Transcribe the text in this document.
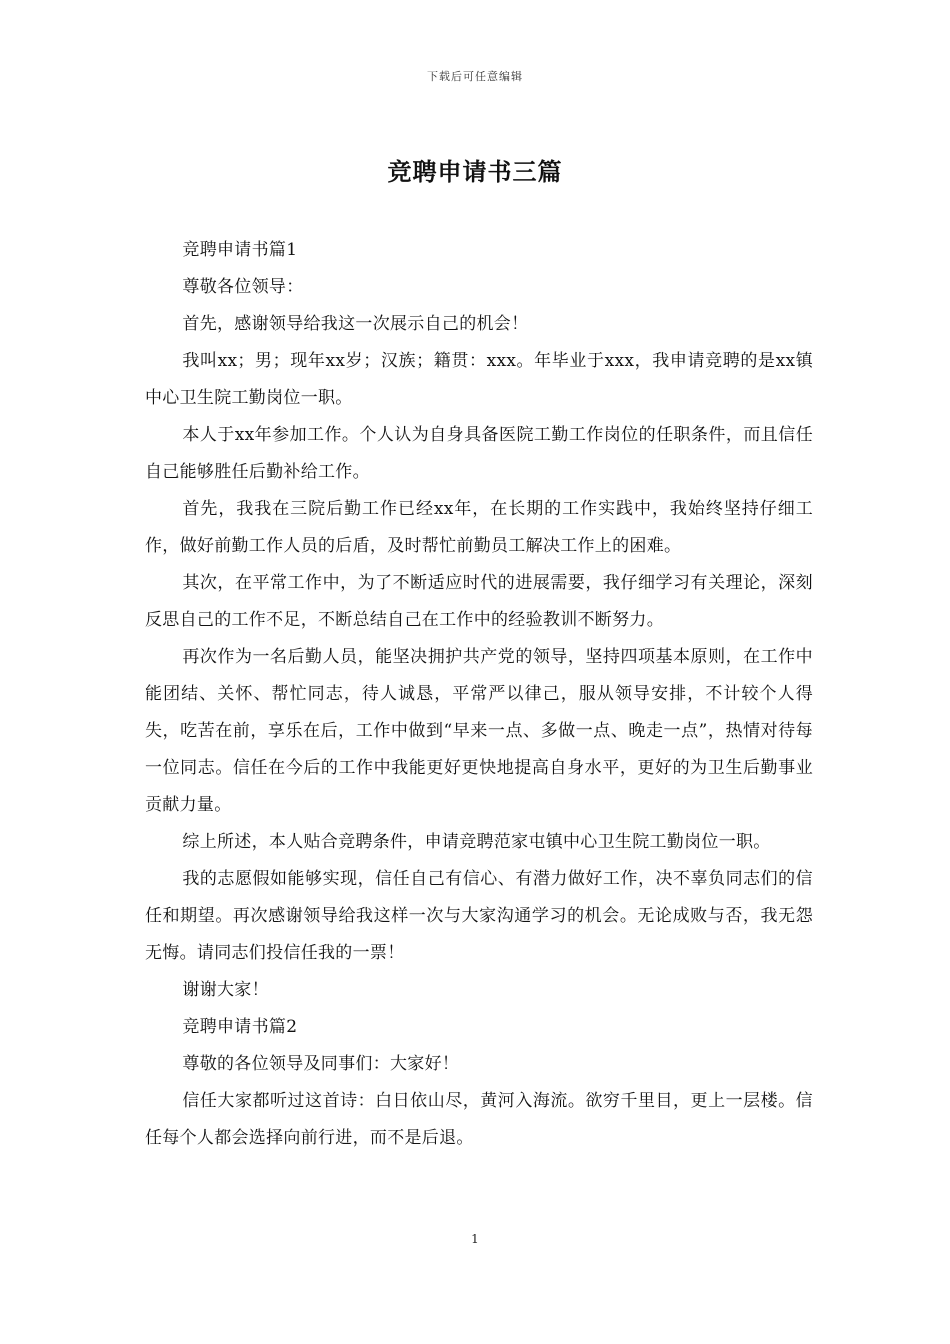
下载后可任意编辑
竞聘申请书三篇

竞聘申请书篇1

尊敬各位领导：

首先，感谢领导给我这一次展示自己的机会！

我叫xx；男；现年xx岁；汉族；籍贯：xxx。年毕业于xxx，我申请竞聘的是xx镇中心卫生院工勤岗位一职。

本人于xx年参加工作。个人认为自身具备医院工勤工作岗位的任职条件，而且信任自己能够胜任后勤补给工作。

首先，我我在三院后勤工作已经xx年，在长期的工作实践中，我始终坚持仔细工作，做好前勤工作人员的后盾，及时帮忙前勤员工解决工作上的困难。

其次，在平常工作中，为了不断适应时代的进展需要，我仔细学习有关理论，深刻反思自己的工作不足，不断总结自己在工作中的经验教训不断努力。

再次作为一名后勤人员，能坚决拥护共产党的领导，坚持四项基本原则，在工作中能团结、关怀、帮忙同志，待人诚恳，平常严以律己，服从领导安排，不计较个人得失，吃苦在前，享乐在后，工作中做到“早来一点、多做一点、晚走一点”，热情对待每一位同志。信任在今后的工作中我能更好更快地提高自身水平，更好的为卫生后勤事业贡献力量。

综上所述，本人贴合竞聘条件，申请竞聘范家屯镇中心卫生院工勤岗位一职。

我的志愿假如能够实现，信任自己有信心、有潜力做好工作，决不辜负同志们的信任和期望。再次感谢领导给我这样一次与大家沟通学习的机会。无论成败与否，我无怨无悔。请同志们投信任我的一票！

谢谢大家！

竞聘申请书篇2

尊敬的各位领导及同事们：大家好！

信任大家都听过这首诗：白日依山尽，黄河入海流。欲穷千里目，更上一层楼。信任每个人都会选择向前行进，而不是后退。

1
